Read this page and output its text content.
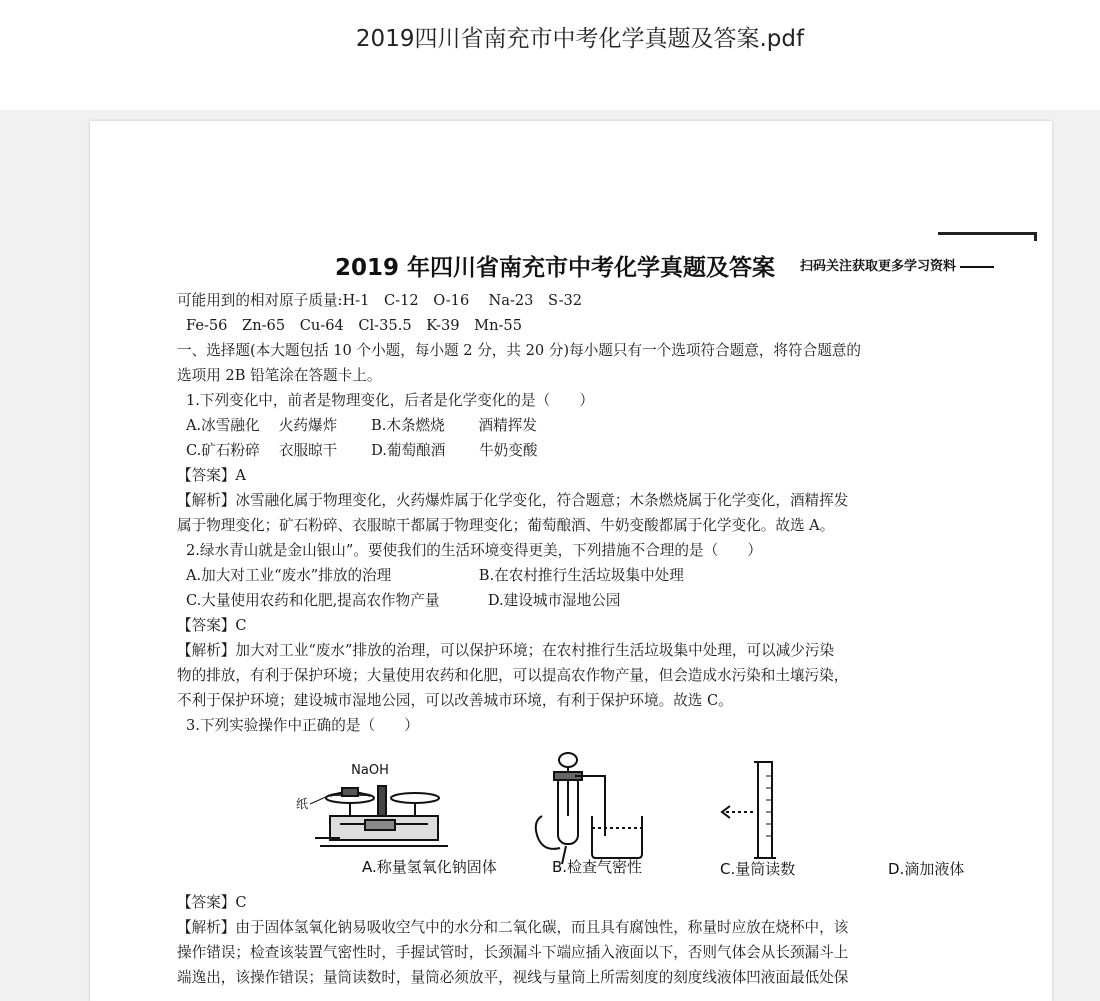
2019四川省南充市中考化学真题及答案.pdf
2019 年四川省南充市中考化学真题及答案 扫码关注获取更多学习资料
可能用到的相对原子质量:H-1　C-12　O-16　 Na-23　S-32
Fe-56　Zn-65　Cu-64　Cl-35.5　K-39　Mn-55
一、选择题(本大题包括 10 个小题，每小题 2 分，共 20 分)每小题只有一个选项符合题意，将符合题意的
选项用 2B 铅笔涂在答题卡上。
1.下列变化中，前者是物理变化，后者是化学变化的是（　　）
A.冰雪融化　 火药爆炸　　 B.木条燃烧　　 酒精挥发
C.矿石粉碎　 衣服晾干　　 D.葡萄酿酒　　 牛奶变酸
【答案】A
【解析】冰雪融化属于物理变化，火药爆炸属于化学变化，符合题意；木条燃烧属于化学变化，酒精挥发
属于物理变化；矿石粉碎、衣服晾干都属于物理变化；葡萄酿酒、牛奶变酸都属于化学变化。故选 A。
2.绿水青山就是金山银山”。要使我们的生活环境变得更美，下列措施不合理的是（　　）
A.加大对工业“废水”排放的治理　　　　　　B.在农村推行生活垃圾集中处理
C.大量使用农药和化肥,提高农作物产量　　　 D.建设城市湿地公园
【答案】C
【解析】加大对工业“废水”排放的治理，可以保护环境；在农村推行生活垃圾集中处理，可以减少污染
物的排放，有利于保护环境；大量使用农药和化肥，可以提高农作物产量，但会造成水污染和土壤污染，
不利于保护环境；建设城市湿地公园，可以改善城市环境，有利于保护环境。故选 C。
3.下列实验操作中正确的是（　　）
NaOH
纸
A.称量氢氧化钠固体	B.检查气密性	C.量筒读数	D.滴加液体
【答案】C
【解析】由于固体氢氧化钠易吸收空气中的水分和二氧化碳，而且具有腐蚀性，称量时应放在烧杯中，该
操作错误；检查该装置气密性时，手握试管时，长颈漏斗下端应插入液面以下，否则气体会从长颈漏斗上
端逸出，该操作错误；量筒读数时，量筒必须放平，视线与量筒上所需刻度的刻度线液体凹液面最低处保
